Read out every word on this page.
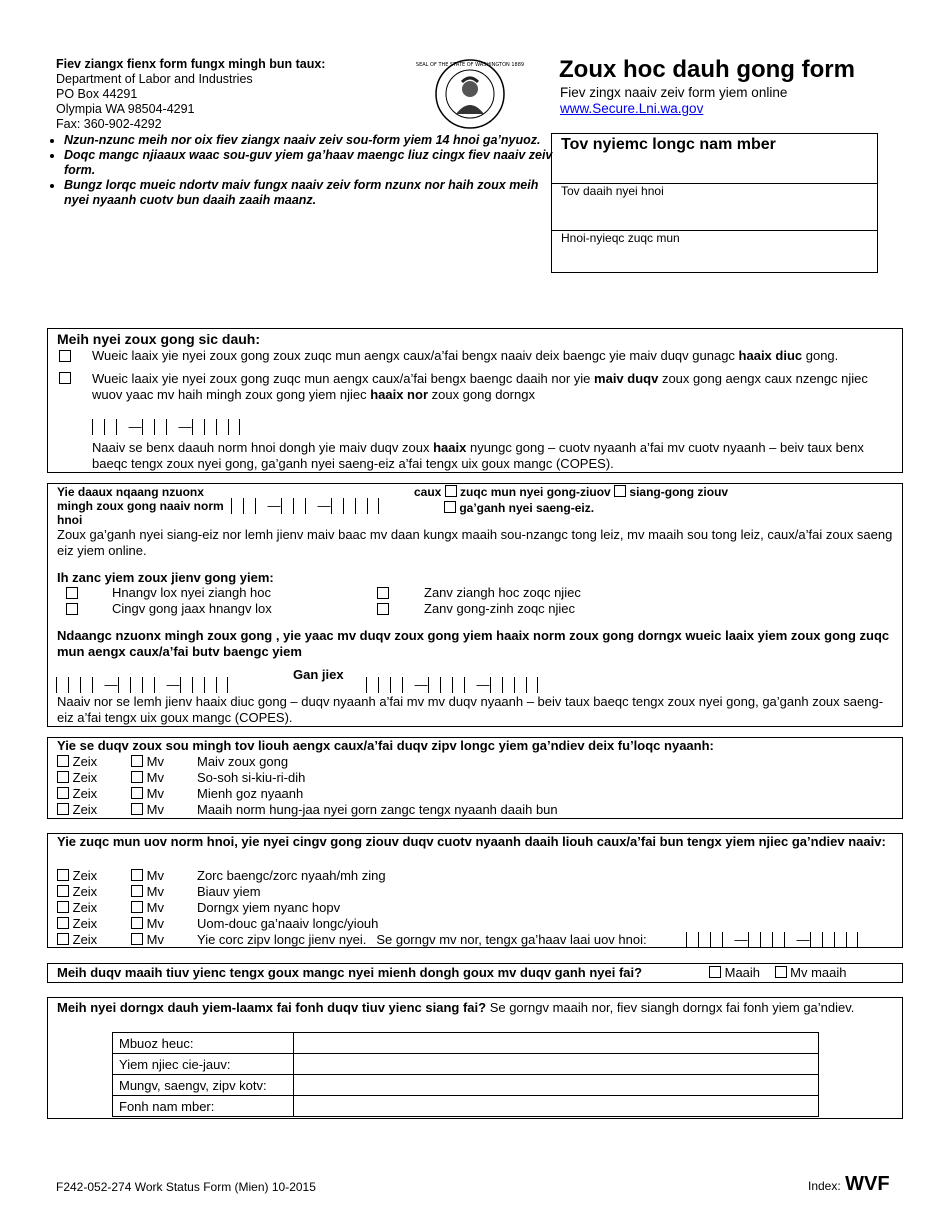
Fiev ziangx fienx form fungx mingh bun taux:
Department of Labor and Industries
PO Box 44291
Olympia WA 98504-4291
Fax: 360-902-4292
SEAL OF THE STATE OF WASHINGTON 1889
• Nzun-nzunc meih nor oix fiev ziangx naaiv zeiv sou-form yiem 14 hnoi ga’nyuoz.
• Doqc mangc njiaaux waac sou-guv yiem ga’haav maengc liuz cingx fiev naaiv zeiv form.
• Bungz lorqc mueic ndortv maiv fungx naaiv zeiv form nzunx nor haih zoux meih nyei nyaanh cuotv bun daaih zaaih maanz.
Zoux hoc dauh gong form
Fiev zingx naaiv zeiv form yiem online
www.Secure.Lni.wa.gov
Tov nyiemc longc nam mber
Tov daaih nyei hnoi
Hnoi-nyieqc zuqc mun
Meih nyei zoux gong sic dauh:
Wueic laaix yie nyei zoux gong zoux zuqc mun aengx caux/a’fai bengx naaiv deix baengc yie maiv duqv gunagc haaix diuc gong.
Wueic laaix yie nyei zoux gong zuqc mun aengx caux/a’fai bengx baengc daaih nor yie maiv duqv zoux gong aengx caux nzengc njiec wuov yaac mv haih mingh zoux gong yiem njiec haaix nor zoux gong dorngx
—	—
Naaiv se benx daauh norm hnoi dongh yie maiv duqv zoux haaix nyungc gong – cuotv nyaanh a’fai mv cuotv nyaanh – beiv taux benx baeqc tengx zoux nyei gong, ga’ganh nyei saeng-eiz a’fai tengx uix goux mangc (COPES).
Yie daaux nqaang nzuonx mingh zoux gong naaiv norm hnoi
—	—
caux zuqc mun nyei gong-ziuov siang-gong ziouv
ga’ganh nyei saeng-eiz.
Zoux ga’ganh nyei siang-eiz nor lemh jienv maiv baac mv daan kungx maaih sou-nzangc tong leiz, mv maaih sou tong leiz, caux/a’fai zoux saeng eiz yiem online.
Ih zanc yiem zoux jienv gong yiem:
Hnangv lox nyei ziangh hoc
Cingv gong jaax hnangv lox
Zanv ziangh hoc zoqc njiec
Zanv gong-zinh zoqc njiec
Ndaangc nzuonx mingh zoux gong , yie yaac mv duqv zoux gong yiem haaix norm zoux gong dorngx wueic laaix yiem zoux gong zuqc mun aengx caux/a’fai butv baengc yiem
Gan jiex
—	—	—	—
Naaiv nor se lemh jienv haaix diuc gong – duqv nyaanh a’fai mv mv duqv nyaanh – beiv taux baeqc tengx zoux nyei gong, ga’ganh zoux saeng-eiz a’fai tengx uix goux mangc (COPES).
Yie se duqv zoux sou mingh tov liouh aengx caux/a’fai duqv zipv longc yiem ga’ndiev deix fu’loqc nyaanh:
Zeix	Mv	Maiv zoux gong
Zeix	Mv	So-soh si-kiu-ri-dih
Zeix	Mv	Mienh goz nyaanh
Zeix	Mv	Maaih norm hung-jaa nyei gorn zangc tengx nyaanh daaih bun
Yie zuqc mun uov norm hnoi, yie nyei cingv gong ziouv duqv cuotv nyaanh daaih liouh caux/a’fai bun tengx yiem njiec ga’ndiev naaiv:
Zeix	Mv	Zorc baengc/zorc nyaah/mh zing
Zeix	Mv	Biauv yiem
Zeix	Mv	Dorngx yiem nyanc hopv
Zeix	Mv	Uom-douc ga’naaiv longc/yiouh
Zeix	Mv	Yie corc zipv longc jienv nyei. Se gorngv mv nor, tengx ga’haav laai uov hnoi:	—	—
Meih duqv maaih tiuv yienc tengx goux mangc nyei mienh dongh goux mv duqv ganh nyei fai?	Maaih Mv maaih
Meih nyei dorngx dauh yiem-laamx fai fonh duqv tiuv yienc siang fai? Se gorngv maaih nor, fiev siangh dorngx fai fonh yiem ga’ndiev.
Mbuoz heuc:	
Yiem njiec cie-jauv:	
Mungv, saengv, zipv kotv:	
Fonh nam mber:	
F242-052-274 Work Status Form (Mien) 10-2015	Index: WVF
